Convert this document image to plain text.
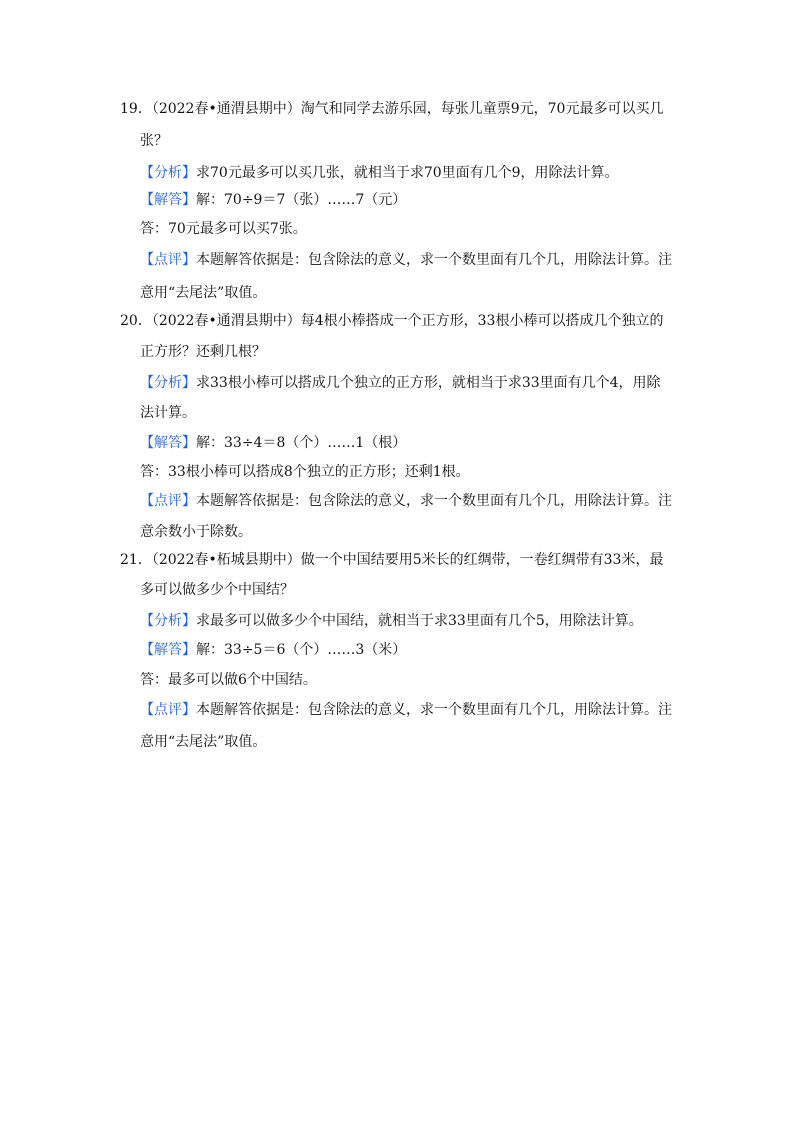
19．（2022春•通渭县期中）淘气和同学去游乐园，每张儿童票9元，70元最多可以买几
张？
【分析】求70元最多可以买几张，就相当于求70里面有几个9，用除法计算。
【解答】解：70÷9＝7（张）……7（元）
答：70元最多可以买7张。
【点评】本题解答依据是：包含除法的意义，求一个数里面有几个几，用除法计算。注
意用“去尾法”取值。
20．（2022春•通渭县期中）每4根小棒搭成一个正方形，33根小棒可以搭成几个独立的
正方形？还剩几根？
【分析】求33根小棒可以搭成几个独立的正方形，就相当于求33里面有几个4，用除
法计算。
【解答】解：33÷4＝8（个）……1（根）
答：33根小棒可以搭成8个独立的正方形；还剩1根。
【点评】本题解答依据是：包含除法的意义，求一个数里面有几个几，用除法计算。注
意余数小于除数。
21．（2022春•柘城县期中）做一个中国结要用5米长的红绸带，一卷红绸带有33米，最
多可以做多少个中国结？
【分析】求最多可以做多少个中国结，就相当于求33里面有几个5，用除法计算。
【解答】解：33÷5＝6（个）……3（米）
答：最多可以做6个中国结。
【点评】本题解答依据是：包含除法的意义，求一个数里面有几个几，用除法计算。注
意用“去尾法”取值。
